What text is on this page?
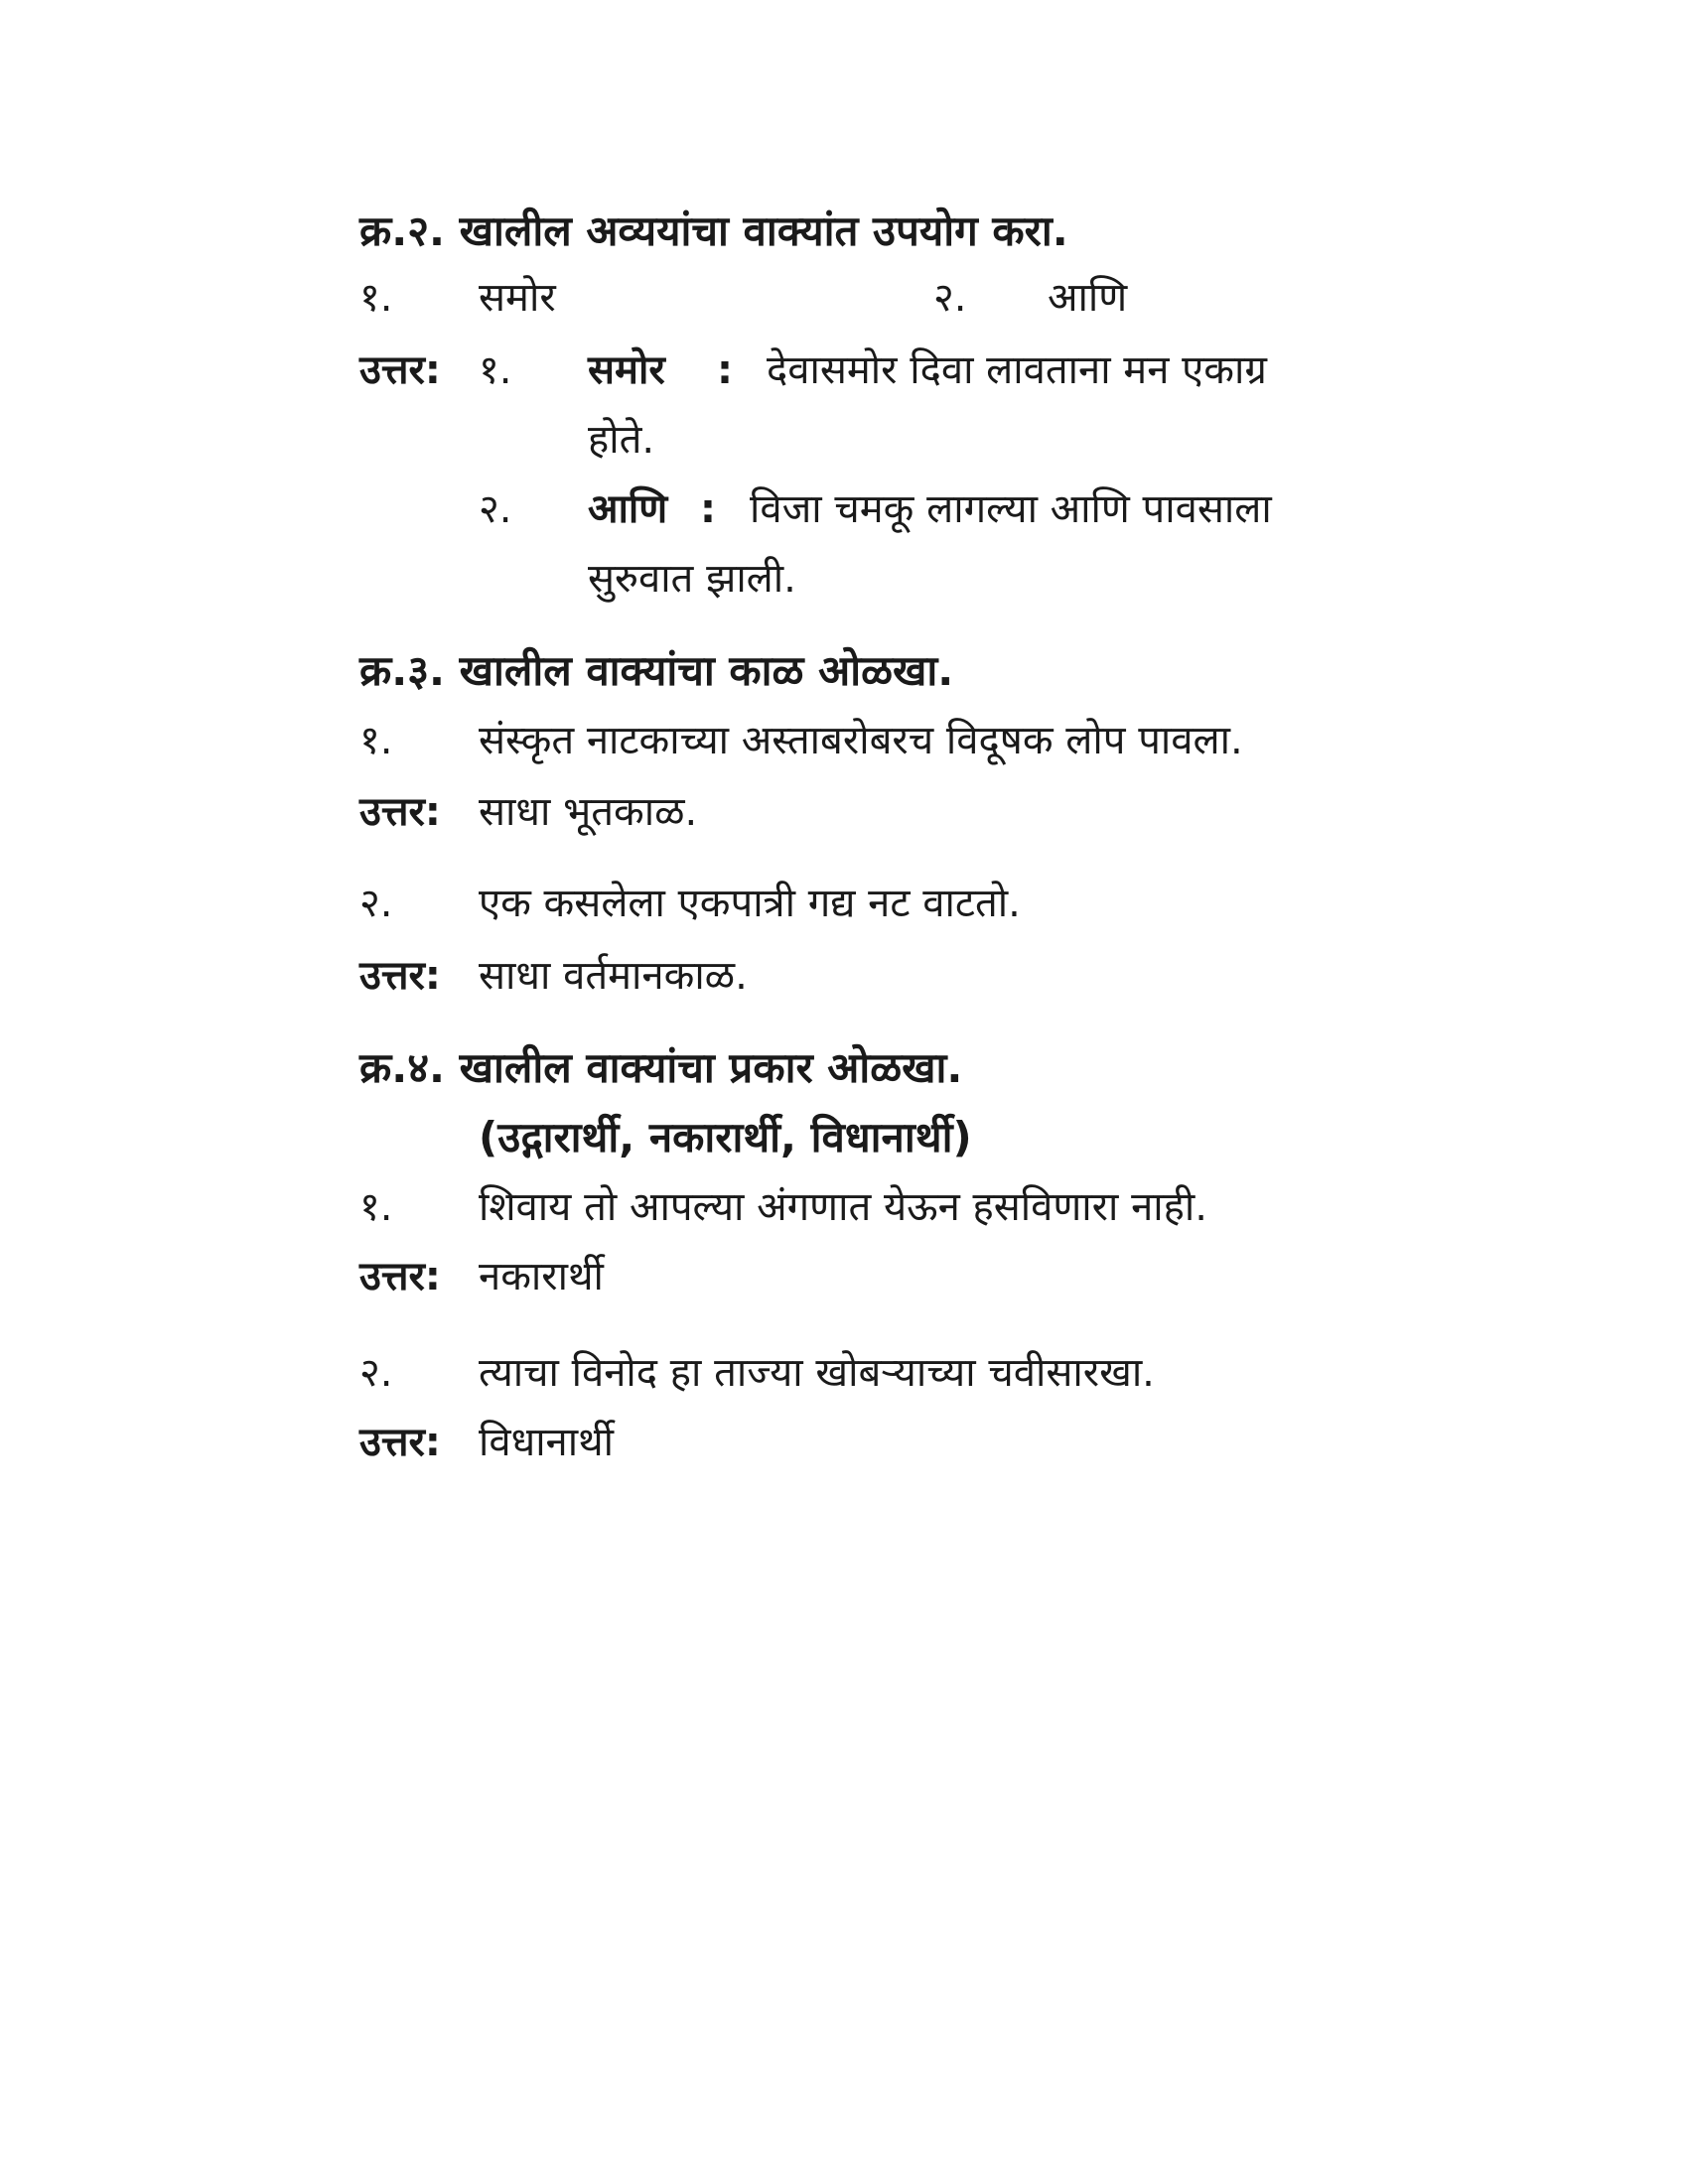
क्र.२. खालील अव्ययांचा वाक्यांत उपयोग करा.
१. समोर	२. आणि
उत्तर: १. समोर : देवासमोर दिवा लावताना मन एकाग्र
होते.
२. आणि : विजा चमकू लागल्या आणि पावसाला
सुरुवात झाली.
क्र.३. खालील वाक्यांचा काळ ओळखा.
१. संस्कृत नाटकाच्या अस्ताबरोबरच विदूषक लोप पावला.
उत्तर: साधा भूतकाळ.
२. एक कसलेला एकपात्री गद्य नट वाटतो.
उत्तर: साधा वर्तमानकाळ.
क्र.४. खालील वाक्यांचा प्रकार ओळखा.
(उद्गारार्थी, नकारार्थी, विधानार्थी)
१. शिवाय तो आपल्या अंगणात येऊन हसविणारा नाही.
उत्तर: नकारार्थी
२. त्याचा विनोद हा ताज्या खोबऱ्याच्या चवीसारखा.
उत्तर: विधानार्थी
